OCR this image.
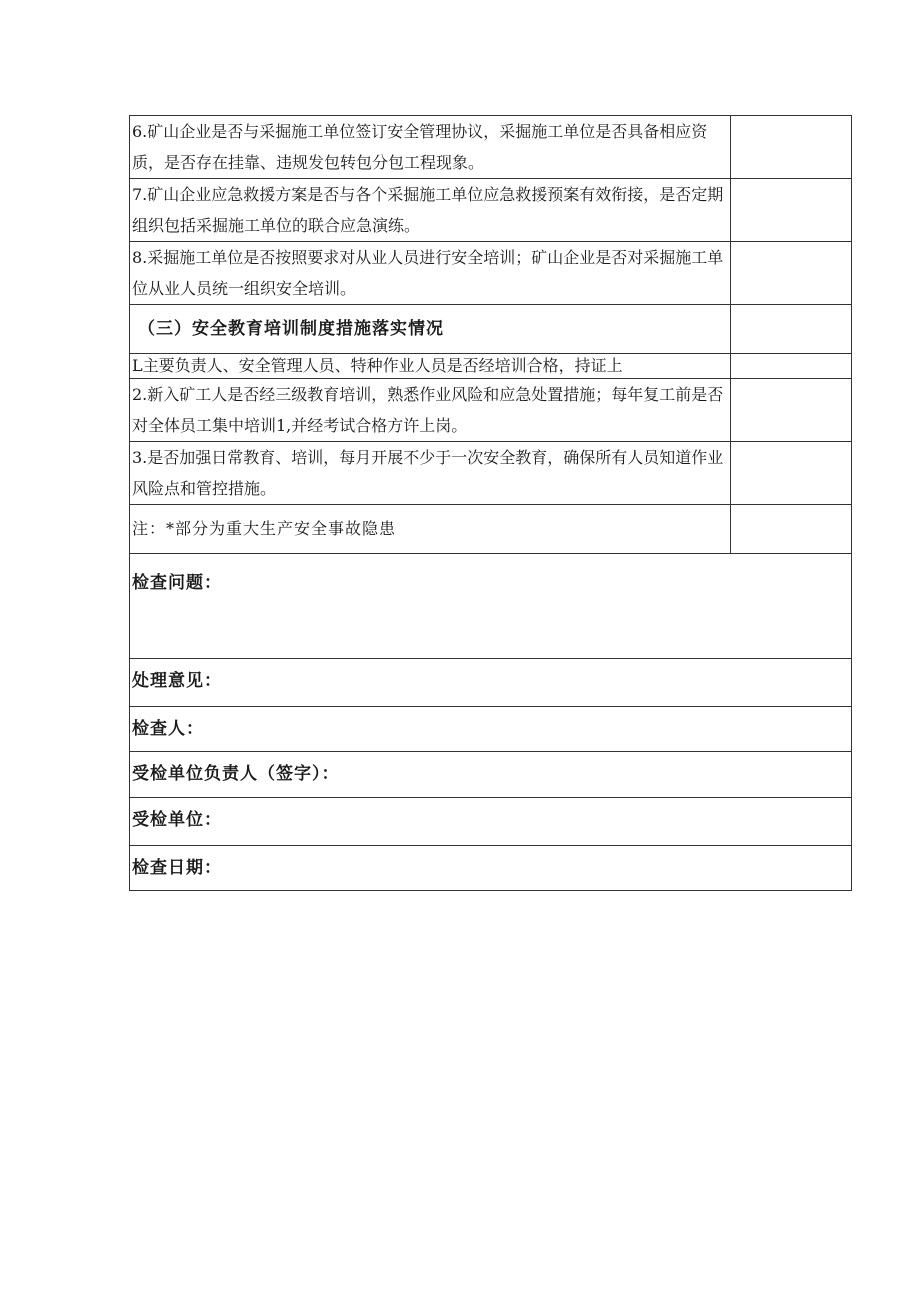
6.矿山企业是否与采掘施工单位签订安全管理协议，采掘施工单位是否具备相应资质，是否存在挂靠、违规发包转包分包工程现象。	
7.矿山企业应急救援方案是否与各个采掘施工单位应急救援预案有效衔接，是否定期组织包括采掘施工单位的联合应急演练。	
8.采掘施工单位是否按照要求对从业人员进行安全培训；矿山企业是否对采掘施工单位从业人员统一组织安全培训。	
（三）安全教育培训制度措施落实情况	
L主要负责人、安全管理人员、特种作业人员是否经培训合格，持证上	
2.新入矿工人是否经三级教育培训，熟悉作业风险和应急处置措施；每年复工前是否对全体员工集中培训1,并经考试合格方许上岗。	
3.是否加强日常教育、培训，每月开展不少于一次安全教育，确保所有人员知道作业风险点和管控措施。	
注：*部分为重大生产安全事故隐患	
检查问题：	
处理意见：	
检查人：	
受检单位负责人（签字）：	
受检单位：	
检查日期：	
